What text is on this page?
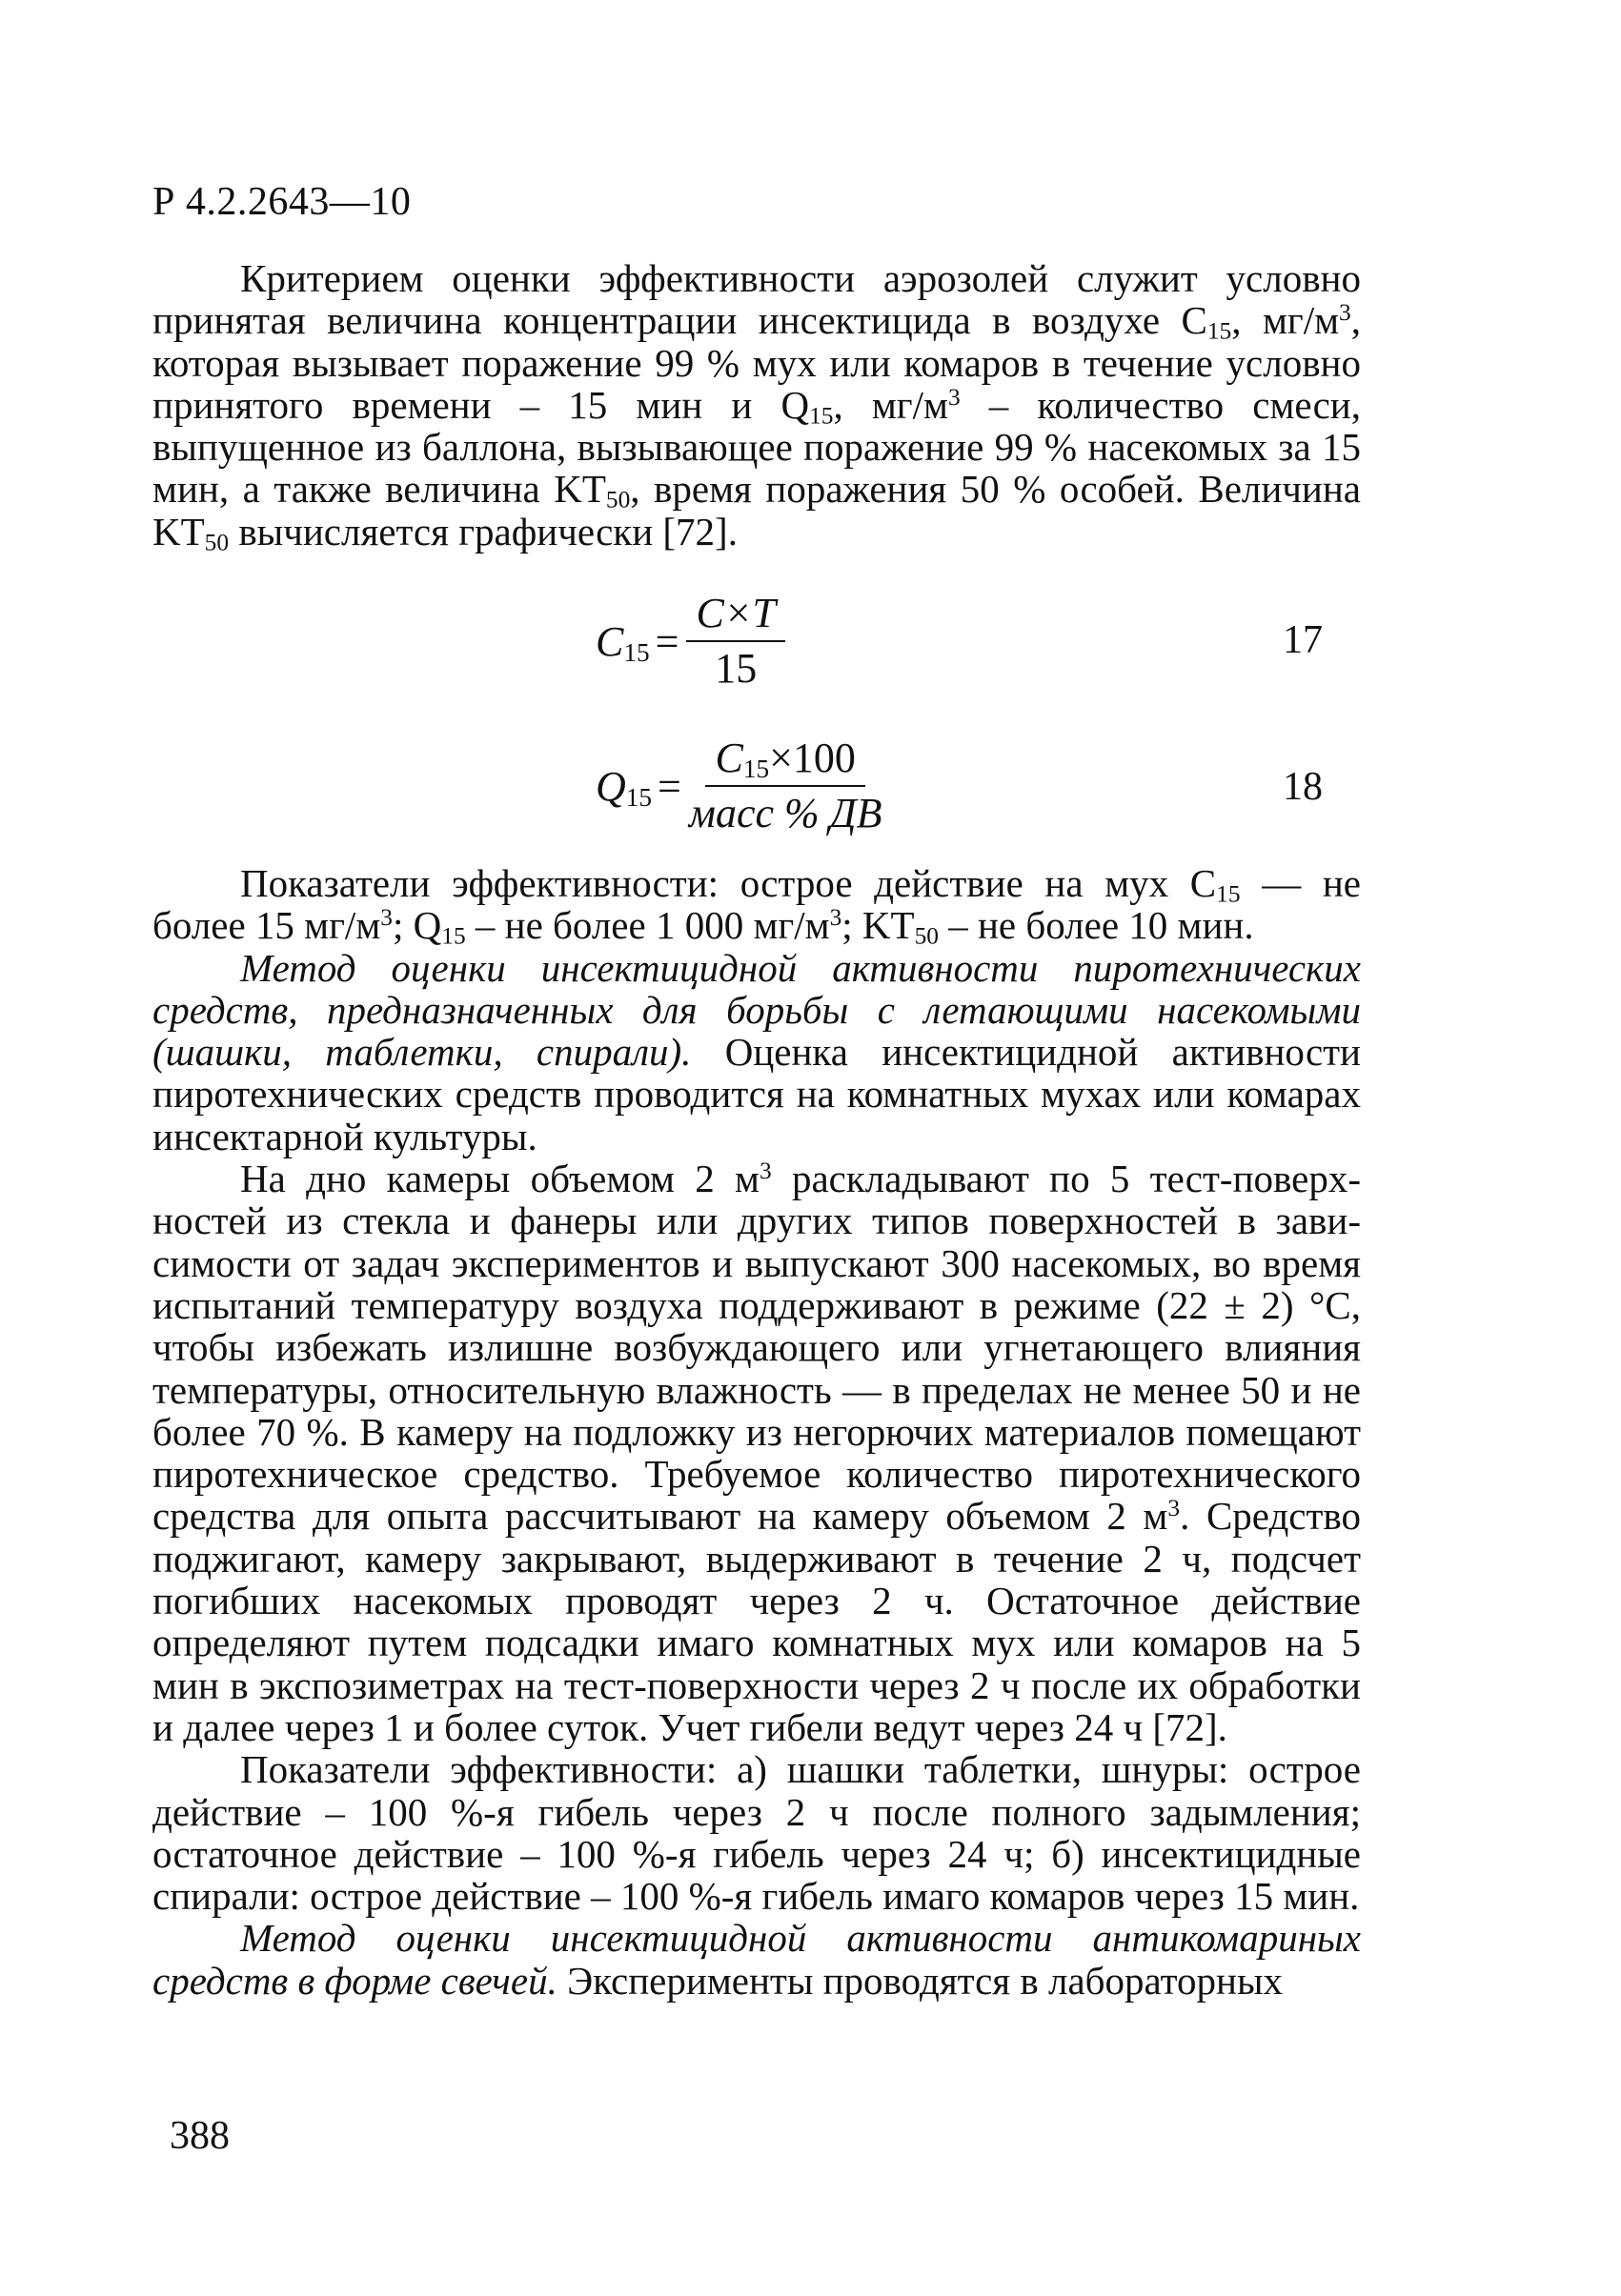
Р 4.2.2643—10

Критерием оценки эффективности аэрозолей служит условно принятая величина концентрации инсектицида в воздухе $C_{15}$, $мг/м^3$, которая вызывает поражение 99 % мух или комаров в течение условно принятого времени – 15 мин и $Q_{15}$, $мг/м^3$ – количество смеси, выпущенное из баллона, вызывающее поражение 99 % насекомых за 15 мин, а также величина $KT_{50}$, время поражения 50 % особей. Величина $KT_{50}$ вычисляется графически [72].

$C_{15} = \frac{C\times T}{15}$	17
$Q_{15} = \frac{C_{15}\times 100}{\text{масс \% ДВ}}$	18

Показатели эффективности: острое действие на мух $C_{15}$ — не более 15 $мг/м^3$; $Q_{15}$ – не более 1 000 $мг/м^3$; $KT_{50}$ – не более 10 мин.

Метод оценки инсектицидной активности пиротехнических средств, предназначенных для борьбы с летающими насекомыми (шашки, таблетки, спирали). Оценка инсектицидной активности пиротехнических средств проводится на комнатных мухах или комарах инсектарной культуры.

На дно камеры объемом 2 $м^3$ раскладывают по 5 тест-поверхностей из стекла и фанеры или других типов поверхностей в зависимости от задач экспериментов и выпускают 300 насекомых, во время испытаний температуру воздуха поддерживают в режиме (22 ± 2) °С, чтобы избежать излишне возбуждающего или угнетающего влияния температуры, относительную влажность — в пределах не менее 50 и не более 70 %. В камеру на подложку из негорючих материалов помещают пиротехническое средство. Требуемое количество пиротехнического средства для опыта рассчитывают на камеру объемом 2 $м^3$. Средство поджигают, камеру закрывают, выдерживают в течение 2 ч, подсчет погибших насекомых проводят через 2 ч. Остаточное действие определяют путем подсадки имаго комнатных мух или комаров на 5 мин в экспозиметрах на тест-поверхности через 2 ч после их обработки и далее через 1 и более суток. Учет гибели ведут через 24 ч [72].

Показатели эффективности: а) шашки таблетки, шнуры: острое действие – 100 %-я гибель через 2 ч после полного задымления; остаточное действие – 100 %-я гибель через 24 ч; б) инсектицидные спирали: острое действие – 100 %-я гибель имаго комаров через 15 мин.

Метод оценки инсектицидной активности антикомариных средств в форме свечей. Эксперименты проводятся в лабораторных

388
